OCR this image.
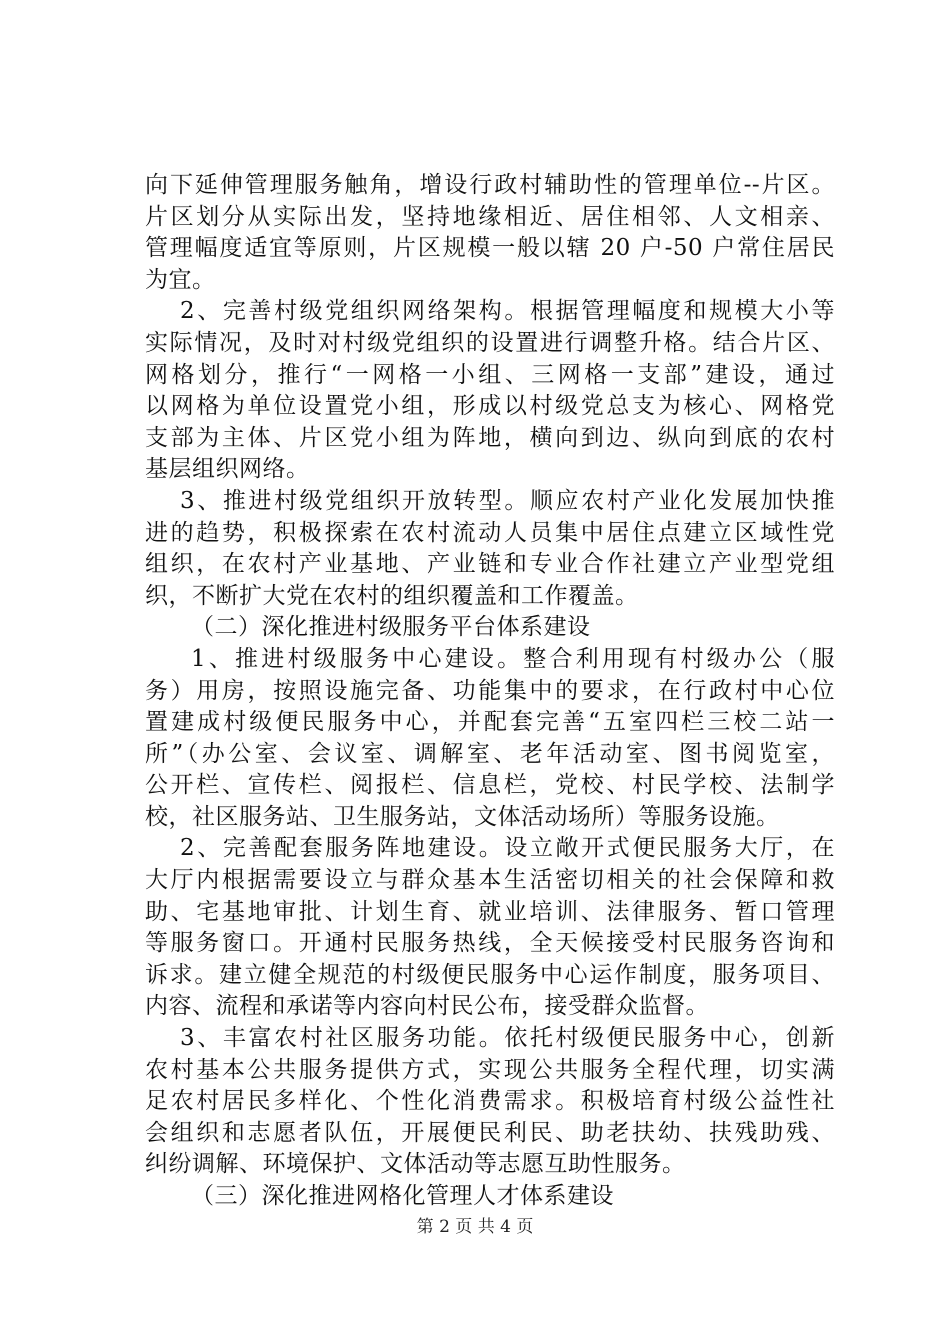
向下延伸管理服务触角，增设行政村辅助性的管理单位--片区。
片区划分从实际出发，坚持地缘相近、居住相邻、人文相亲、
管理幅度适宜等原则，片区规模一般以辖 20 户-50 户常住居民
为宜。
2、完善村级党组织网络架构。根据管理幅度和规模大小等
实际情况，及时对村级党组织的设置进行调整升格。结合片区、
网格划分，推行“一网格一小组、三网格一支部”建设，通过
以网格为单位设置党小组，形成以村级党总支为核心、网格党
支部为主体、片区党小组为阵地，横向到边、纵向到底的农村
基层组织网络。
3、推进村级党组织开放转型。顺应农村产业化发展加快推
进的趋势，积极探索在农村流动人员集中居住点建立区域性党
组织，在农村产业基地、产业链和专业合作社建立产业型党组
织，不断扩大党在农村的组织覆盖和工作覆盖。
（二）深化推进村级服务平台体系建设
1、推进村级服务中心建设。整合利用现有村级办公（服
务）用房，按照设施完备、功能集中的要求，在行政村中心位
置建成村级便民服务中心，并配套完善“五室四栏三校二站一
所”（办公室、会议室、调解室、老年活动室、图书阅览室，
公开栏、宣传栏、阅报栏、信息栏，党校、村民学校、法制学
校，社区服务站、卫生服务站，文体活动场所）等服务设施。
2、完善配套服务阵地建设。设立敞开式便民服务大厅，在
大厅内根据需要设立与群众基本生活密切相关的社会保障和救
助、宅基地审批、计划生育、就业培训、法律服务、暂口管理
等服务窗口。开通村民服务热线，全天候接受村民服务咨询和
诉求。建立健全规范的村级便民服务中心运作制度，服务项目、
内容、流程和承诺等内容向村民公布，接受群众监督。
3、丰富农村社区服务功能。依托村级便民服务中心，创新
农村基本公共服务提供方式，实现公共服务全程代理，切实满
足农村居民多样化、个性化消费需求。积极培育村级公益性社
会组织和志愿者队伍，开展便民利民、助老扶幼、扶残助残、
纠纷调解、环境保护、文体活动等志愿互助性服务。
（三）深化推进网格化管理人才体系建设
第 2 页 共 4 页
